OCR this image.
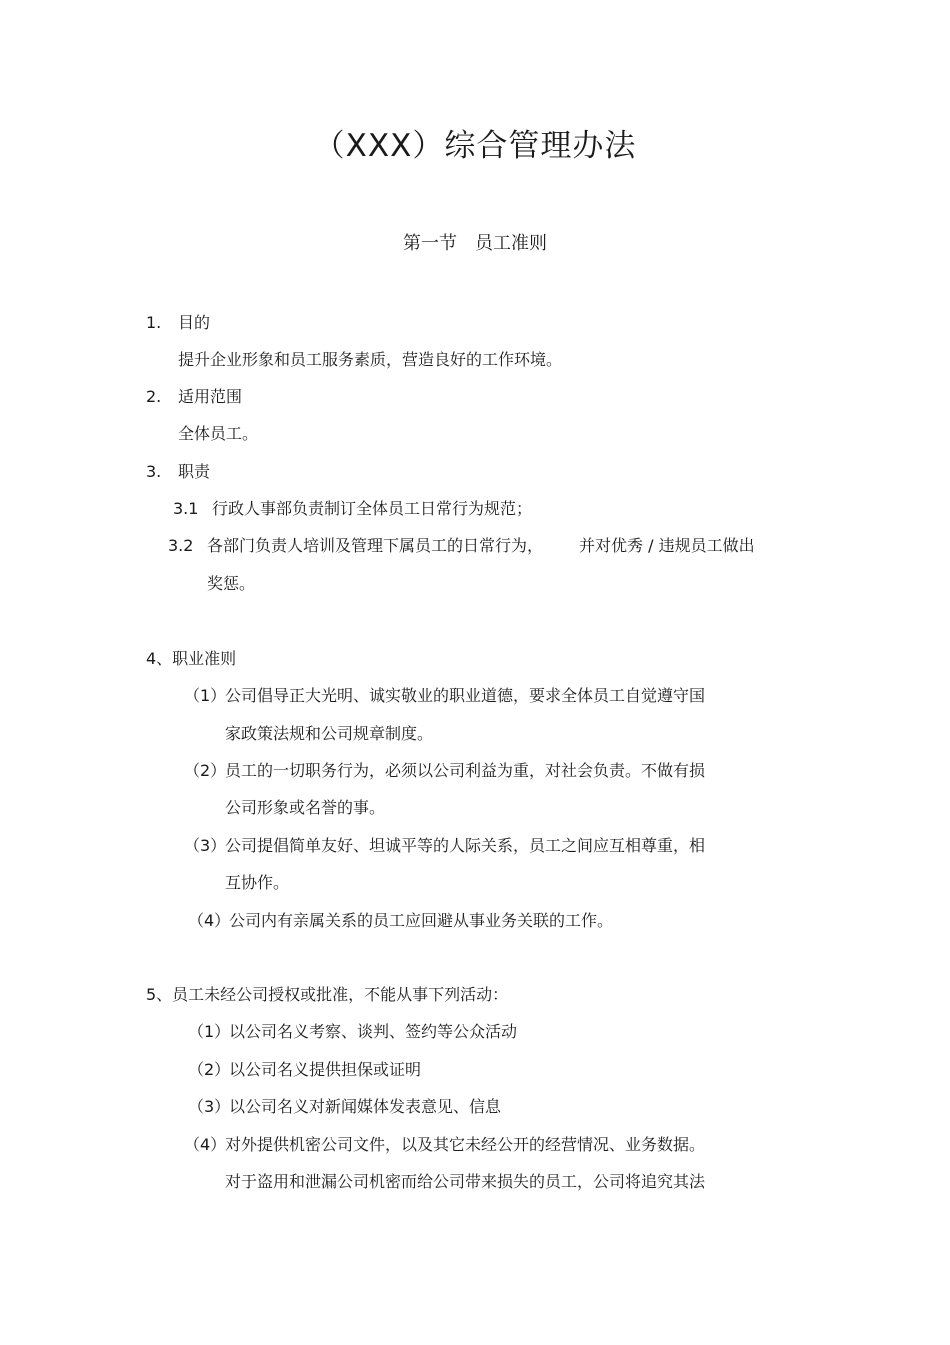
（XXX）综合管理办法
第一节 员工准则
1. 目的
提升企业形象和员工服务素质，营造良好的工作环境。
2. 适用范围
全体员工。
3. 职责
3.1 行政人事部负责制订全体员工日常行为规范；
3.2 各部门负责人培训及管理下属员工的日常行为， 并对优秀 / 违规员工做出
奖惩。
4、职业准则
（1）公司倡导正大光明、诚实敬业的职业道德，要求全体员工自觉遵守国
家政策法规和公司规章制度。
（2）员工的一切职务行为，必须以公司利益为重，对社会负责。不做有损
公司形象或名誉的事。
（3）公司提倡简单友好、坦诚平等的人际关系，员工之间应互相尊重，相
互协作。
（4）公司内有亲属关系的员工应回避从事业务关联的工作。
5、员工未经公司授权或批准，不能从事下列活动：
（1）以公司名义考察、谈判、签约等公众活动
（2）以公司名义提供担保或证明
（3）以公司名义对新闻媒体发表意见、信息
（4）对外提供机密公司文件，以及其它未经公开的经营情况、业务数据。
对于盗用和泄漏公司机密而给公司带来损失的员工，公司将追究其法
